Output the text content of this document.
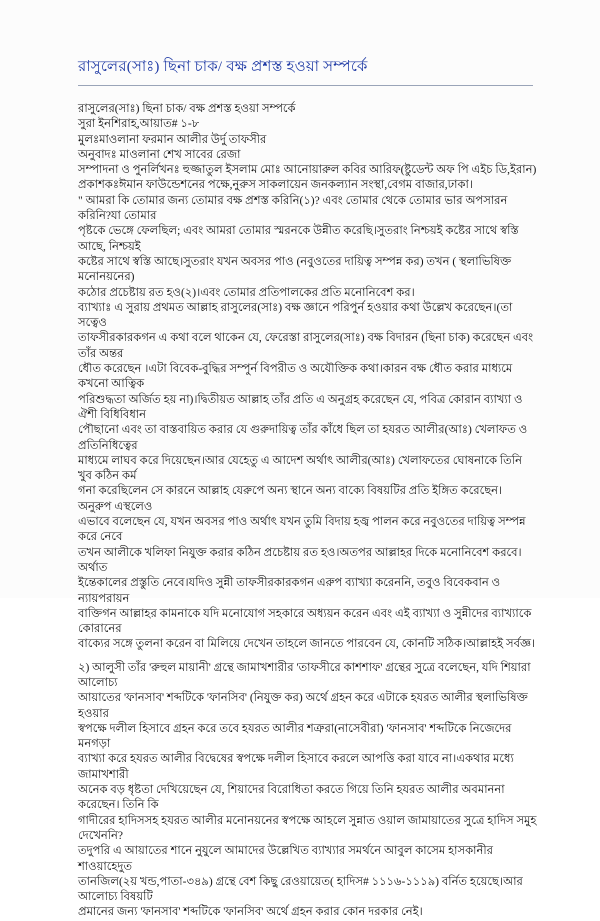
রাসুলের(সাঃ) ছিনা চাক/ বক্ষ প্রশস্ত হওয়া সম্পর্কে
রাসুলের(সাঃ) ছিনা চাক/ বক্ষ প্রশস্ত হওয়া সম্পর্কে
সুরা ইনশিরাহ,আয়াত# ১-৮
মুলঃমাওলানা ফরমান আলীর উর্দু তাফসীর
অনুবাদঃ মাওলানা শেখ সাবের রেজা
সম্পাদনা ও পুনর্লিখনঃ হুজ্জাতুল ইসলাম মোঃ আনোয়ারুল কবির আরিফ(ষ্টুডেন্ট অফ পি এইচ ডি,ইরান)
প্রকাশকঃঈমান ফাউন্ডেশনের পক্ষে,নুরুস সাকলায়েন জনকল্যান সংস্থা,বেগম বাজার,ঢাকা।
" আমরা কি তোমার জন্য তোমার বক্ষ প্রশস্ত করিনি(১)? এবং তোমার থেকে তোমার ভার অপসারন করিনি?যা তোমার
পৃষ্টকে ভেঙ্গে ফেলছিল; এবং আমরা তোমার স্মরনকে উন্নীত করেছি।সুতরাং নিশ্চয়ই কষ্টের সাথে স্বস্তি আছে, নিশ্চয়ই
কষ্টের সাথে স্বস্তি আছে।সুতরাং যখন অবসর পাও (নবুওতের দায়িত্ব সম্পন্ন কর) তখন ( স্থলাভিষিক্ত মনোনয়নের)
কঠোর প্রচেষ্টায় রত হও(২)।এবং তোমার প্রতিপালকের প্রতি মনোনিবেশ কর।
ব্যাখ্যাঃ এ সুরায় প্রথমত আল্লাহ রাসুলের(সাঃ) বক্ষ জ্ঞানে পরিপুর্ন হওয়ার কথা উল্লেখ করেছেন।(তা সত্বেও
তাফসীরকারকগন এ কথা বলে থাকেন যে, ফেরেস্তা রাসুলের(সাঃ) বক্ষ বিদারন (ছিনা চাক) করেছেন এবং তাঁর অন্তর
ধৌত করেছেন ।এটা বিবেক-বুদ্ধির সম্পুর্ন বিপরীত ও অযৌক্তিক কথা।কারন বক্ষ ধৌত করার মাধ্যমে কখনো আত্বিক
পরিশুদ্ধতা অর্জিত হয় না)।দ্বিতীয়ত আল্লাহ তাঁর প্রতি এ অনুগ্রহ করেছেন যে, পবিত্র কোরান ব্যাখ্যা ও ঐশী বিধিবিধান
পৌছানো এবং তা বাস্তবায়িত করার যে গুরুদায়িত্ব তাঁর কাঁধে ছিল তা হযরত আলীর(আঃ) খেলাফত ও প্রতিনিধিত্বের
মাধ্যমে লাঘব করে দিয়েছেন।আর যেহেতু এ আদেশ অর্থাৎ আলীর(আঃ) খেলাফতের ঘোষনাকে তিনি খুব কঠিন কর্ম
গনা করেছিলেন সে কারনে আল্লাহ যেরুপে অন্য স্থানে অন্য বাক্যে বিষয়টির প্রতি ইঙ্গিত করেছেন। অনুরুপ এস্থলেও
এভাবে বলেছেন যে, যখন অবসর পাও অর্থাৎ যখন তুমি বিদায় হজ্ব পালন করে নবুওতের দায়িত্ব সম্পন্ন করে নেবে
তখন আলীকে খলিফা নিযুক্ত করার কঠিন প্রচেষ্টায় রত হও।অতপর আল্লাহর দিকে মনোনিবেশ করবে।অর্থাত
ইন্তেকালের প্রস্তুতি নেবে।যদিও সুন্নী তাফসীরকারকগন এরুপ ব্যাখ্যা করেননি, তবুও বিবেকবান ও ন্যায়পরায়ন
বাক্তিগন আল্লাহর কামনাকে যদি মনোযোগ সহকারে অধ্যয়ন করেন এবং এই ব্যাখ্যা ও সুন্নীদের ব্যাখ্যাকে কোরানের
বাক্যের সঙ্গে তুলনা করেন বা মিলিয়ে দেখেন তাহলে জানতে পারবেন যে, কোনটি সঠিক।আল্লাহই সর্বজ্ঞ।
২) আলুসী তাঁর 'রুহুল মায়ানী' গ্রন্থে জামাখশারীর 'তাফসীরে কাশশাফ' গ্রন্থের সুত্রে বলেছেন, যদি শিয়ারা আলোচ্য
আয়াতের 'ফানসাব' শব্দটিকে 'ফানসিব' (নিযুক্ত কর) অর্থে গ্রহন করে এটাকে হযরত আলীর স্থলাভিষিক্ত হওয়ার
স্বপক্ষে দলীল হিসাবে গ্রহন করে তবে হযরত আলীর শত্রুরা(নাসেবীরা) 'ফানসাব' শব্দটিকে নিজেদের মনগড়া
ব্যাখ্যা করে হযরত আলীর বিদ্বেষের স্বপক্ষে দলীল হিসাবে করলে আপত্তি করা যাবে না।একথার মধ্যে জামাখশারী
অনেক বড় ধৃষ্টতা দেখিয়েছেন যে, শিয়াদের বিরোধিতা করতে গিয়ে তিনি হযরত আলীর অবমাননা করেছেন। তিনি কি
গাদীরের হাদিসসহ হযরত আলীর মনোনয়নের স্বপক্ষে আহলে সুন্নাত ওয়াল জামায়াতের সুত্রে হাদিস সমুহ দেখেননি?
তদুপরি এ আয়াতের শানে নুযুলে আমাদের উল্লেখিত ব্যাখ্যার সমর্থনে আবুল কাসেম হাসকানীর শাওয়াহেদুত
তানজিল(২য় খন্ড,পাতা-৩৪৯) গ্রন্থে বেশ কিছু রেওয়ায়েত( হাদিস# ১১১৬-১১১৯) বর্নিত হয়েছে।আর আলোচ্য বিষয়টি
প্রমানের জন্য 'ফানসাব' শব্দটিকে 'ফানসিব' অর্থে গ্রহন করার কোন দরকার নেই।
